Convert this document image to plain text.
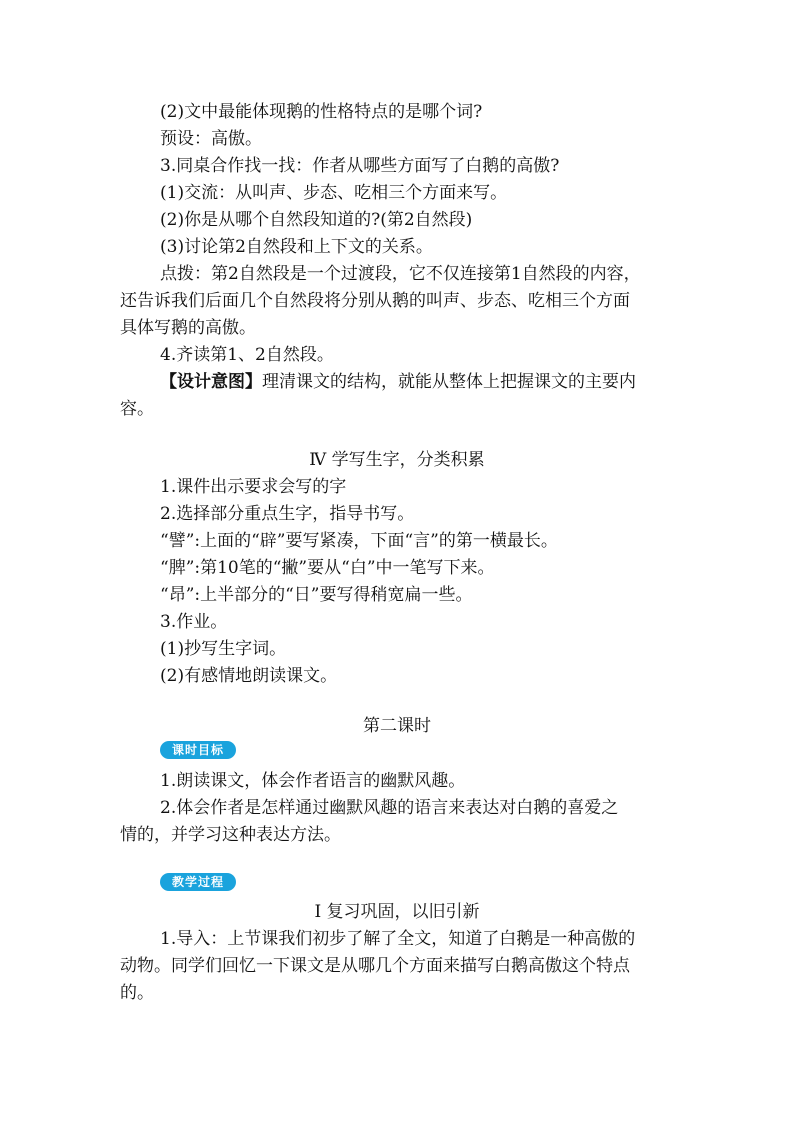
(2)文中最能体现鹅的性格特点的是哪个词?
预设：高傲。
3.同桌合作找一找：作者从哪些方面写了白鹅的高傲?
(1)交流：从叫声、步态、吃相三个方面来写。
(2)你是从哪个自然段知道的?(第2自然段)
(3)讨论第2自然段和上下文的关系。
点拨：第2自然段是一个过渡段，它不仅连接第1自然段的内容，
还告诉我们后面几个自然段将分别从鹅的叫声、步态、吃相三个方面
具体写鹅的高傲。
4.齐读第1、2自然段。
【设计意图】理清课文的结构，就能从整体上把握课文的主要内
容。
Ⅳ 学写生字，分类积累
1.课件出示要求会写的字
2.选择部分重点生字，指导书写。
“譬”:上面的“辟”要写紧凑，下面“言”的第一横最长。
“脾”:第10笔的“撇”要从“白”中一笔写下来。
“昂”:上半部分的“日”要写得稍宽扁一些。
3.作业。
(1)抄写生字词。
(2)有感情地朗读课文。
第二课时
课时目标
1.朗读课文，体会作者语言的幽默风趣。
2.体会作者是怎样通过幽默风趣的语言来表达对白鹅的喜爱之
情的，并学习这种表达方法。
教学过程
Ⅰ 复习巩固，以旧引新
1.导入：上节课我们初步了解了全文，知道了白鹅是一种高傲的
动物。同学们回忆一下课文是从哪几个方面来描写白鹅高傲这个特点
的。
